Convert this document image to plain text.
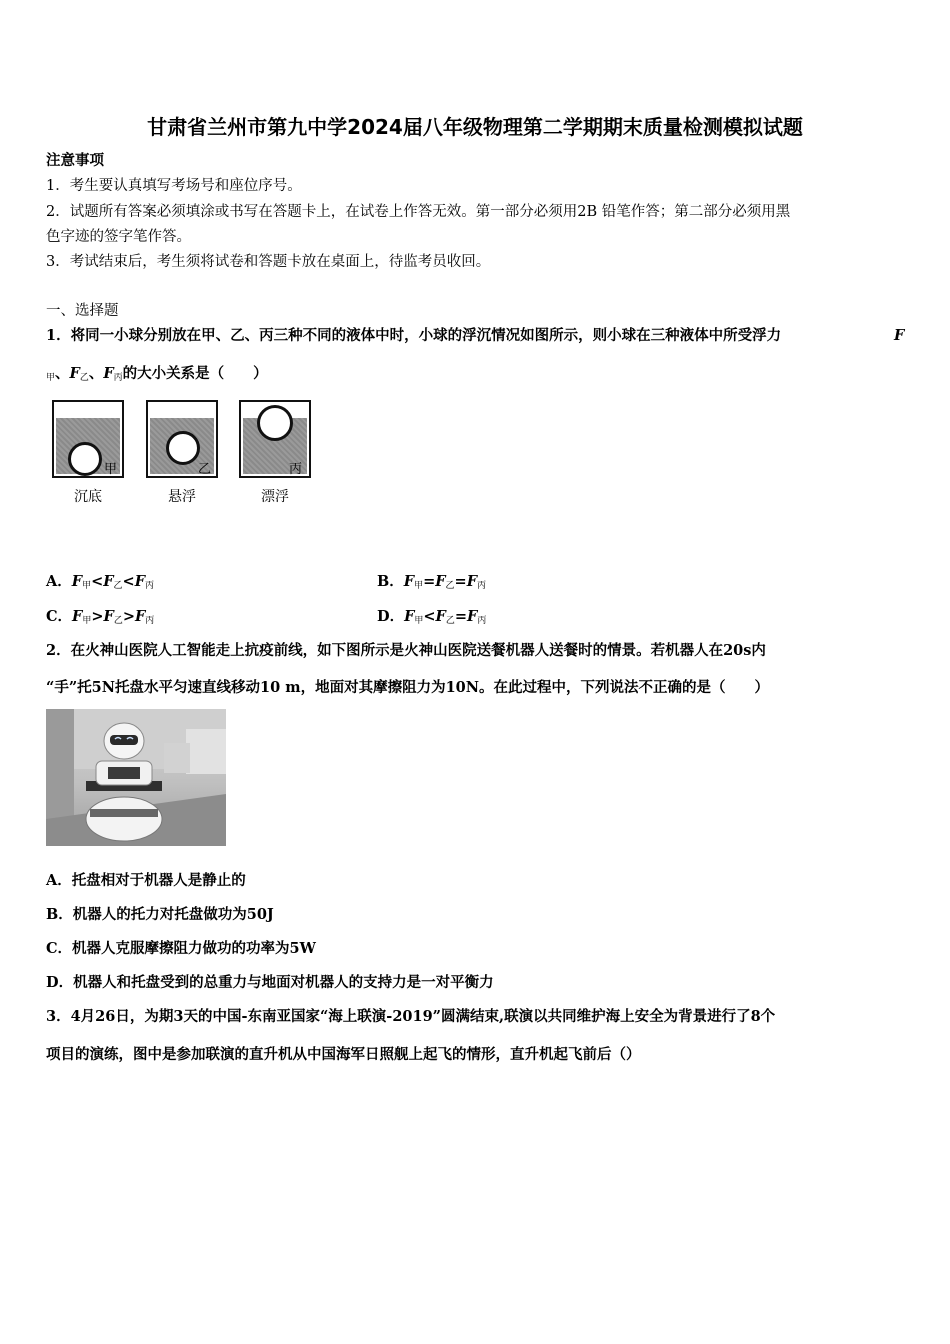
甘肃省兰州市第九中学2024届八年级物理第二学期期末质量检测模拟试题
注意事项
1．考生要认真填写考场号和座位序号。
2．试题所有答案必须填涂或书写在答题卡上，在试卷上作答无效。第一部分必须用2B 铅笔作答；第二部分必须用黑
色字迹的签字笔作答。
3．考试结束后，考生须将试卷和答题卡放在桌面上，待监考员收回。
一、选择题
1．将同一小球分别放在甲、乙、丙三种不同的液体中时，小球的浮沉情况如图所示，则小球在三种液体中所受浮力	F
$_甲$、$F_乙$、$F_丙$的大小关系是（　　）
甲	乙	丙
沉底	悬浮	漂浮
A．$F_甲<F_乙<F_丙$	B．$F_甲=F_乙=F_丙$
C．$F_甲>F_乙>F_丙$	D．$F_甲<F_乙=F_丙$
2．在火神山医院人工智能走上抗疫前线，如下图所示是火神山医院送餐机器人送餐时的情景。若机器人在20s内
“手”托5N托盘水平匀速直线移动10 m，地面对其摩擦阻力为10N。在此过程中，下列说法不正确的是（　　）
A．托盘相对于机器人是静止的
B．机器人的托力对托盘做功为50J
C．机器人克服摩擦阻力做功的功率为5W
D．机器人和托盘受到的总重力与地面对机器人的支持力是一对平衡力
3．4月26日，为期3天的中国-东南亚国家“海上联演-2019”圆满结束,联演以共同维护海上安全为背景进行了8个
项目的演练，图中是参加联演的直升机从中国海军日照舰上起飞的情形，直升机起飞前后（）
